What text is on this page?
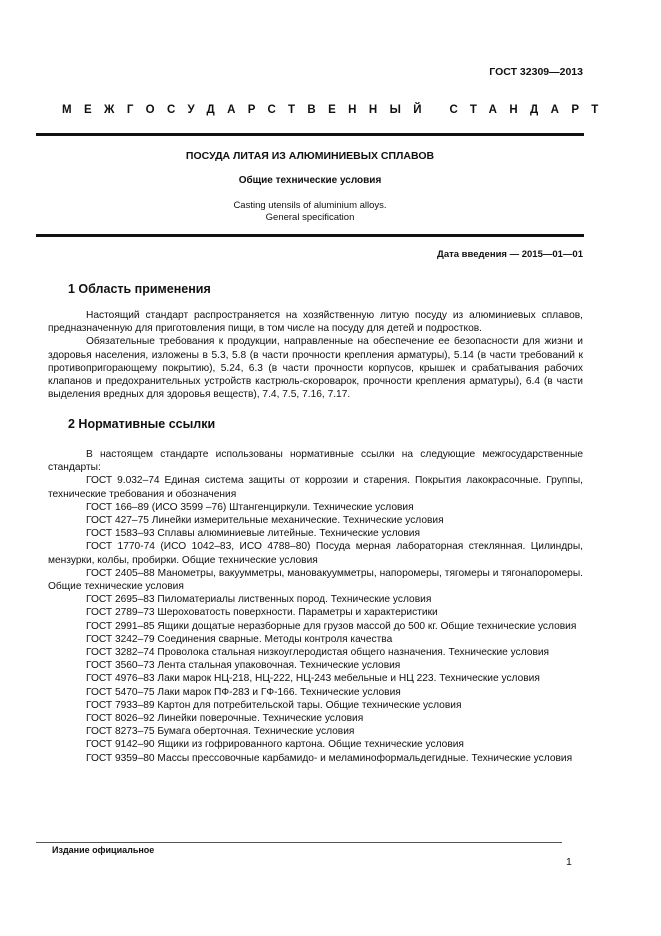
ГОСТ 32309—2013
МЕЖГОСУДАРСТВЕННЫЙ СТАНДАРТ
ПОСУДА ЛИТАЯ ИЗ АЛЮМИНИЕВЫХ СПЛАВОВ
Общие технические условия
Casting utensils of aluminium alloys.
General specification
Дата введения — 2015—01—01
1 Область применения

Настоящий стандарт распространяется на хозяйственную литую посуду из алюминиевых сплавов, предназначенную для приготовления пищи, в том числе на посуду для детей и подростков.

Обязательные требования к продукции, направленные на обеспечение ее безопасности для жизни и здоровья населения, изложены в 5.3, 5.8 (в части прочности крепления арматуры), 5.14 (в части требований к противопригорающему покрытию), 5.24, 6.3 (в части прочности корпусов, крышек и срабатывания рабочих клапанов и предохранительных устройств кастрюль-скороварок, прочности крепления арматуры), 6.4 (в части выделения вредных для здоровья веществ), 7.4, 7.5, 7.16, 7.17.

2 Нормативные ссылки

В настоящем стандарте использованы нормативные ссылки на следующие межгосударственные стандарты:

ГОСТ 9.032–74 Единая система защиты от коррозии и старения. Покрытия лакокрасочные. Группы, технические требования и обозначения

ГОСТ 166–89 (ИСО 3599 –76) Штангенциркули. Технические условия

ГОСТ 427–75 Линейки измерительные механические. Технические условия

ГОСТ 1583–93 Сплавы алюминиевые литейные. Технические условия

ГОСТ 1770-74 (ИСО 1042–83, ИСО 4788–80) Посуда мерная лабораторная стеклянная. Цилиндры, мензурки, колбы, пробирки. Общие технические условия

ГОСТ 2405–88 Манометры, вакуумметры, мановакуумметры, напоромеры, тягомеры и тягонапоромеры. Общие технические условия

ГОСТ 2695–83 Пиломатериалы лиственных пород. Технические условия

ГОСТ 2789–73 Шероховатость поверхности. Параметры и характеристики

ГОСТ 2991–85 Ящики дощатые неразборные для грузов массой до 500 кг. Общие технические условия

ГОСТ 3242–79 Соединения сварные. Методы контроля качества

ГОСТ 3282–74 Проволока стальная низкоуглеродистая общего назначения. Технические условия

ГОСТ 3560–73 Лента стальная упаковочная. Технические условия

ГОСТ 4976–83 Лаки марок НЦ-218, НЦ-222, НЦ-243 мебельные и НЦ 223. Технические условия

ГОСТ 5470–75 Лаки марок ПФ-283 и ГФ-166. Технические условия

ГОСТ 7933–89 Картон для потребительской тары. Общие технические условия

ГОСТ 8026–92 Линейки поверочные. Технические условия

ГОСТ 8273–75 Бумага оберточная. Технические условия

ГОСТ 9142–90 Ящики из гофрированного картона. Общие технические условия

ГОСТ 9359–80 Массы прессовочные карбамидо- и меламиноформальдегидные. Технические условия

Издание официальное
1
